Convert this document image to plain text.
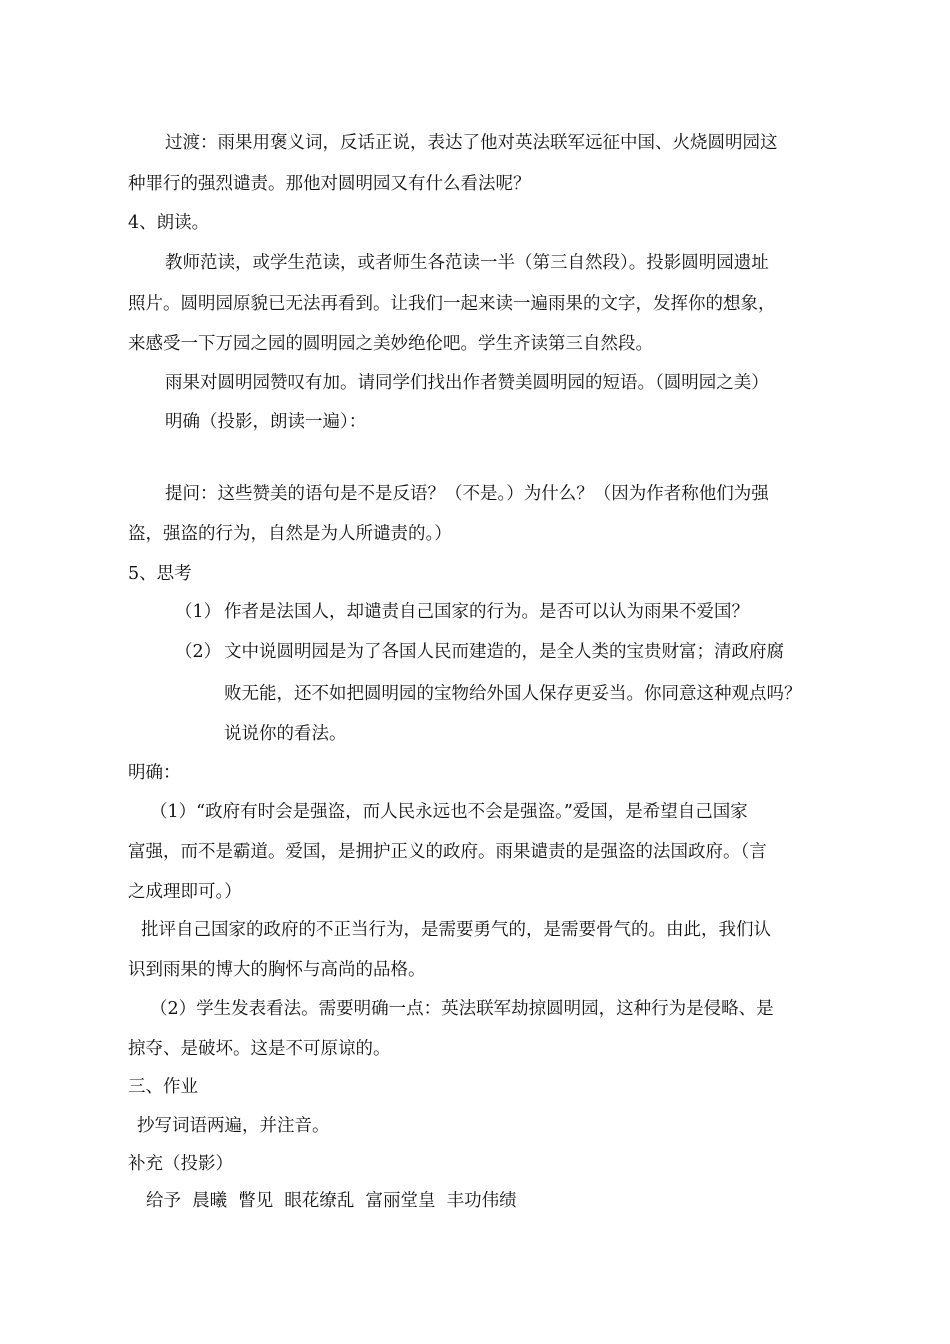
过渡：雨果用褒义词，反话正说，表达了他对英法联军远征中国、火烧圆明园这
种罪行的强烈谴责。那他对圆明园又有什么看法呢？
4、朗读。
教师范读，或学生范读，或者师生各范读一半（第三自然段）。投影圆明园遗址
照片。圆明园原貌已无法再看到。让我们一起来读一遍雨果的文字，发挥你的想象，
来感受一下万园之园的圆明园之美妙绝伦吧。学生齐读第三自然段。
雨果对圆明园赞叹有加。请同学们找出作者赞美圆明园的短语。（圆明园之美）
明确（投影，朗读一遍）：
提问：这些赞美的语句是不是反语？（不是。）为什么？（因为作者称他们为强
盗，强盗的行为，自然是为人所谴责的。）
5、思考
（1） 作者是法国人，却谴责自己国家的行为。是否可以认为雨果不爱国？
（2） 文中说圆明园是为了各国人民而建造的，是全人类的宝贵财富；清政府腐
败无能，还不如把圆明园的宝物给外国人保存更妥当。你同意这种观点吗？
说说你的看法。
明确：
（1）“政府有时会是强盗，而人民永远也不会是强盗。”爱国，是希望自己国家
富强，而不是霸道。爱国，是拥护正义的政府。雨果谴责的是强盗的法国政府。（言
之成理即可。）
批评自己国家的政府的不正当行为，是需要勇气的，是需要骨气的。由此，我们认
识到雨果的博大的胸怀与高尚的品格。
（2）学生发表看法。需要明确一点：英法联军劫掠圆明园，这种行为是侵略、是
掠夺、是破坏。这是不可原谅的。
三、作业
抄写词语两遍，并注音。
补充（投影）
给予  晨曦  瞥见  眼花缭乱  富丽堂皇  丰功伟绩
